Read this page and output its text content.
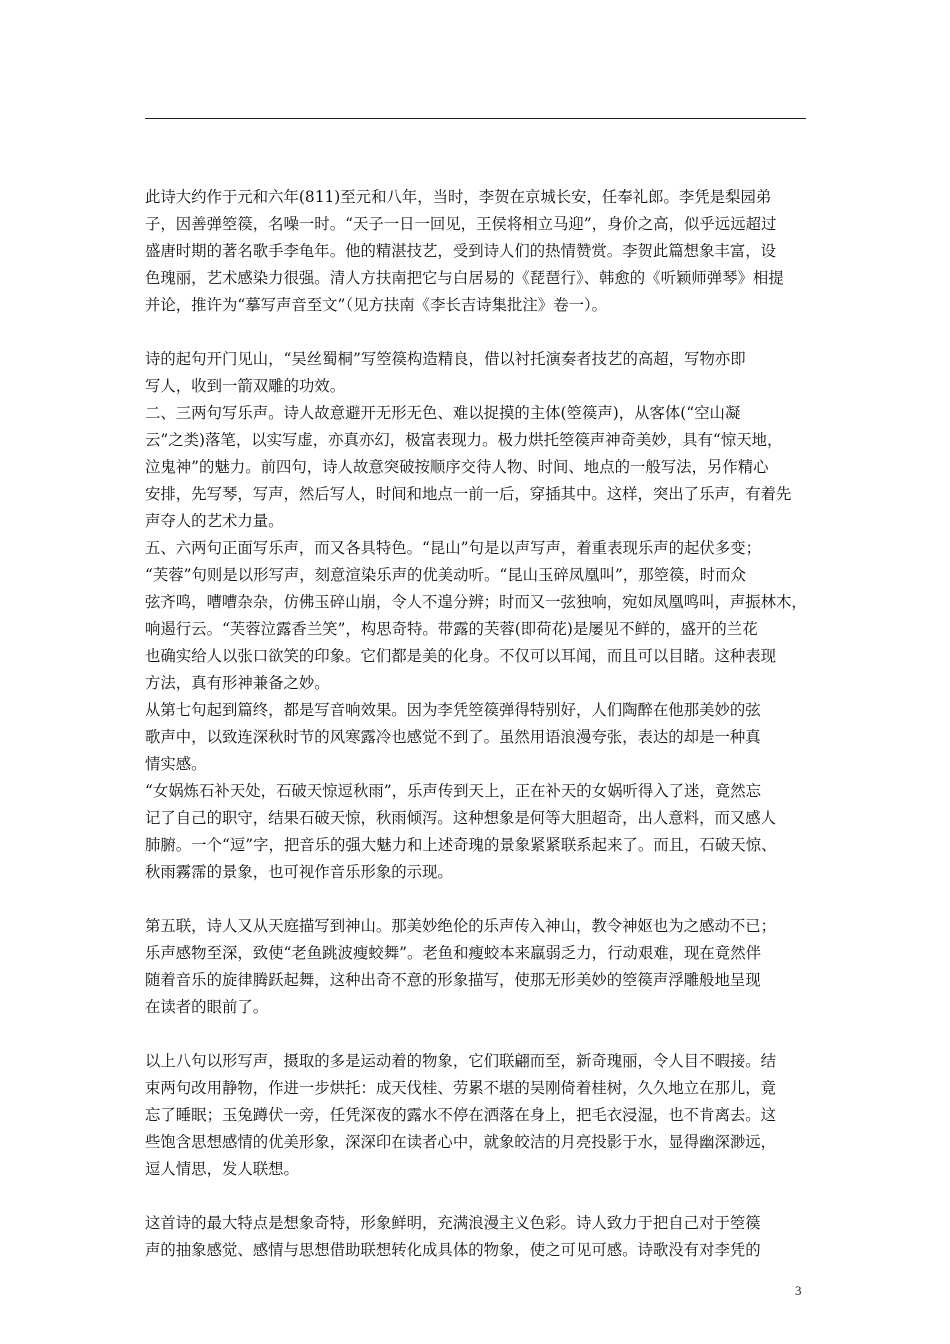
此诗大约作于元和六年(811)至元和八年，当时，李贺在京城长安，任奉礼郎。李凭是梨园弟
子，因善弹箜篌，名噪一时。“天子一日一回见，王侯将相立马迎”，身价之高，似乎远远超过
盛唐时期的著名歌手李龟年。他的精湛技艺，受到诗人们的热情赞赏。李贺此篇想象丰富，设
色瑰丽，艺术感染力很强。清人方扶南把它与白居易的《琵琶行》、韩愈的《听颖师弹琴》相提
并论，推许为“摹写声音至文”（见方扶南《李长吉诗集批注》卷一）。
诗的起句开门见山，“吴丝蜀桐”写箜篌构造精良，借以衬托演奏者技艺的高超，写物亦即
写人，收到一箭双雕的功效。
二、三两句写乐声。诗人故意避开无形无色、难以捉摸的主体(箜篌声)，从客体(“空山凝
云”之类)落笔，以实写虚，亦真亦幻，极富表现力。极力烘托箜篌声神奇美妙，具有“惊天地，
泣鬼神”的魅力。前四句，诗人故意突破按顺序交待人物、时间、地点的一般写法，另作精心
安排，先写琴，写声，然后写人，时间和地点一前一后，穿插其中。这样，突出了乐声，有着先
声夺人的艺术力量。
五、六两句正面写乐声，而又各具特色。“昆山”句是以声写声，着重表现乐声的起伏多变；
“芙蓉”句则是以形写声，刻意渲染乐声的优美动听。“昆山玉碎凤凰叫”，那箜篌，时而众
弦齐鸣，嘈嘈杂杂，仿佛玉碎山崩，令人不遑分辨；时而又一弦独响，宛如凤凰鸣叫，声振林木，
响遏行云。“芙蓉泣露香兰笑”，构思奇特。带露的芙蓉(即荷花)是屡见不鲜的，盛开的兰花
也确实给人以张口欲笑的印象。它们都是美的化身。不仅可以耳闻，而且可以目睹。这种表现
方法，真有形神兼备之妙。
从第七句起到篇终，都是写音响效果。因为李凭箜篌弹得特别好，人们陶醉在他那美妙的弦
歌声中，以致连深秋时节的风寒露冷也感觉不到了。虽然用语浪漫夸张，表达的却是一种真
情实感。
“女娲炼石补天处，石破天惊逗秋雨”，乐声传到天上，正在补天的女娲听得入了迷，竟然忘
记了自己的职守，结果石破天惊，秋雨倾泻。这种想象是何等大胆超奇，出人意料，而又感人
肺腑。一个“逗”字，把音乐的强大魅力和上述奇瑰的景象紧紧联系起来了。而且，石破天惊、
秋雨霧霈的景象，也可视作音乐形象的示现。
第五联，诗人又从天庭描写到神山。那美妙绝伦的乐声传入神山，教令神妪也为之感动不已；
乐声感物至深，致使“老鱼跳波瘦蛟舞”。老鱼和瘦蛟本来羸弱乏力，行动艰难，现在竟然伴
随着音乐的旋律腾跃起舞，这种出奇不意的形象描写，使那无形美妙的箜篌声浮雕般地呈现
在读者的眼前了。
以上八句以形写声，摄取的多是运动着的物象，它们联翩而至，新奇瑰丽，令人目不暇接。结
束两句改用静物，作进一步烘托：成天伐桂、劳累不堪的吴刚倚着桂树，久久地立在那儿，竟
忘了睡眠；玉兔蹲伏一旁，任凭深夜的露水不停在洒落在身上，把毛衣浸湿，也不肯离去。这
些饱含思想感情的优美形象，深深印在读者心中，就象皎洁的月亮投影于水，显得幽深渺远，
逗人情思，发人联想。
这首诗的最大特点是想象奇特，形象鲜明，充满浪漫主义色彩。诗人致力于把自己对于箜篌
声的抽象感觉、感情与思想借助联想转化成具体的物象，使之可见可感。诗歌没有对李凭的
3
